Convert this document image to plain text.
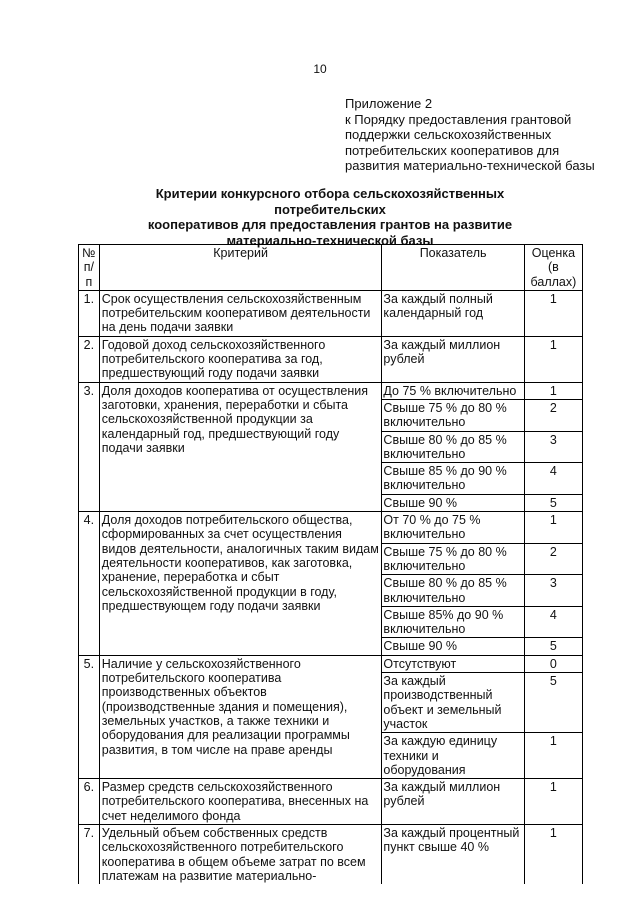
10
Приложение 2
к Порядку предоставления грантовой
поддержки сельскохозяйственных
потребительских кооперативов для
развития материально-технической базы
Критерии конкурсного отбора сельскохозяйственных потребительских
кооперативов для предоставления грантов на развитие
материально-технической базы
№ п/п	Критерий	Показатель	Оценка (в баллах)
1.	Срок осуществления сельскохозяйственным потребительским кооперативом деятельности на день подачи заявки	За каждый полный календарный год	1
2.	Годовой доход сельскохозяйственного потребительского кооператива за год, предшествующий году подачи заявки	За каждый миллион рублей	1
3.	Доля доходов кооператива от осуществления заготовки, хранения, переработки и сбыта сельскохозяйственной продукции за календарный год, предшествующий году подачи заявки	До 75 % включительно	1
		Свыше 75 % до 80 % включительно	2
		Свыше 80 % до 85 % включительно	3
		Свыше 85 % до 90 % включительно	4
		Свыше 90 %	5
4.	Доля доходов потребительского общества, сформированных за счет осуществления видов деятельности, аналогичных таким видам деятельности кооперативов, как заготовка, хранение, переработка и сбыт сельскохозяйственной продукции в году, предшествующем году подачи заявки	От 70 % до 75 % включительно	1
		Свыше 75 % до 80 % включительно	2
		Свыше 80 % до 85 % включительно	3
		Свыше 85% до 90 % включительно	4
		Свыше 90 %	5
5.	Наличие у сельскохозяйственного потребительского кооператива производственных объектов (производственные здания и помещения), земельных участков, а также техники и оборудования для реализации программы развития, в том числе на праве аренды	Отсутствуют	0
		За каждый производственный объект и земельный участок	5
		За каждую единицу техники и оборудования	1
6.	Размер средств сельскохозяйственного потребительского кооператива, внесенных на счет неделимого фонда	За каждый миллион рублей	1
7.	Удельный объем собственных средств сельскохозяйственного потребительского кооператива в общем объеме затрат по всем платежам на развитие материально-	За каждый процентный пункт свыше 40 %	1
